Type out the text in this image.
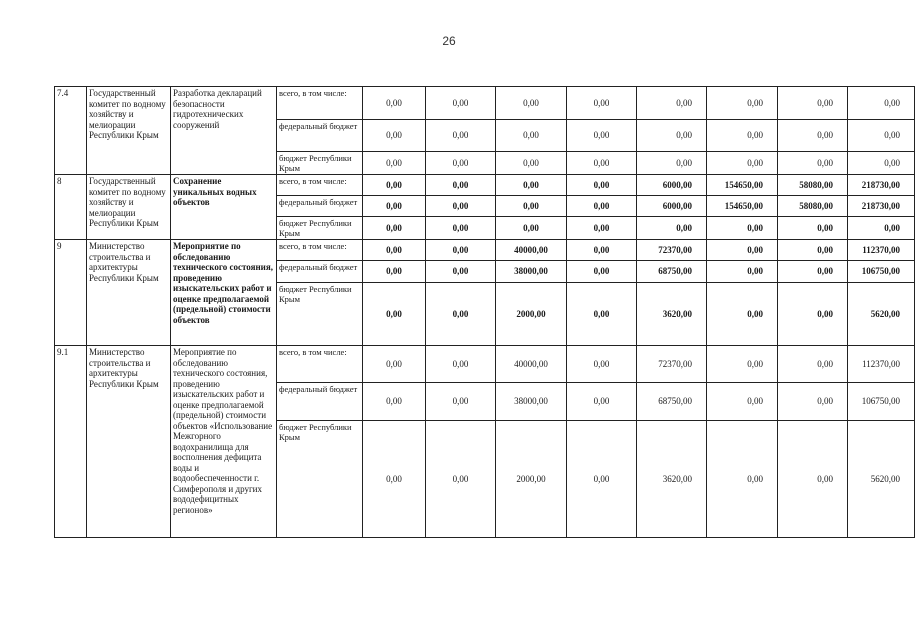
26
7.4	Государственный комитет по водному хозяйству и мелиорации Республики Крым	Разработка деклараций безопасности гидротехнических сооружений	всего, в том числе:	0,00	0,00	0,00	0,00	0,00	0,00	0,00	0,00
			федеральный бюджет	0,00	0,00	0,00	0,00	0,00	0,00	0,00	0,00
			бюджет Республики Крым	0,00	0,00	0,00	0,00	0,00	0,00	0,00	0,00
8	Государственный комитет по водному хозяйству и мелиорации Республики Крым	Сохранение уникальных водных объектов	всего, в том числе:	0,00	0,00	0,00	0,00	6000,00	154650,00	58080,00	218730,00
			федеральный бюджет	0,00	0,00	0,00	0,00	6000,00	154650,00	58080,00	218730,00
			бюджет Республики Крым	0,00	0,00	0,00	0,00	0,00	0,00	0,00	0,00
9	Министерство строительства и архитектуры Республики Крым	Мероприятие по обследованию технического состояния, проведению изыскательских работ и оценке предполагаемой (предельной) стоимости объектов	всего, в том числе:	0,00	0,00	40000,00	0,00	72370,00	0,00	0,00	112370,00
			федеральный бюджет	0,00	0,00	38000,00	0,00	68750,00	0,00	0,00	106750,00
			бюджет Республики Крым	0,00	0,00	2000,00	0,00	3620,00	0,00	0,00	5620,00
9.1	Министерство строительства и архитектуры Республики Крым	Мероприятие по обследованию технического состояния, проведению изыскательских работ и оценке предполагаемой (предельной) стоимости объектов «Использование Межгорного водохранилища для восполнения дефицита воды и водообеспеченности г. Симферополя и других вододефицитных регионов»	всего, в том числе:	0,00	0,00	40000,00	0,00	72370,00	0,00	0,00	112370,00
			федеральный бюджет	0,00	0,00	38000,00	0,00	68750,00	0,00	0,00	106750,00
			бюджет Республики Крым	0,00	0,00	2000,00	0,00	3620,00	0,00	0,00	5620,00
